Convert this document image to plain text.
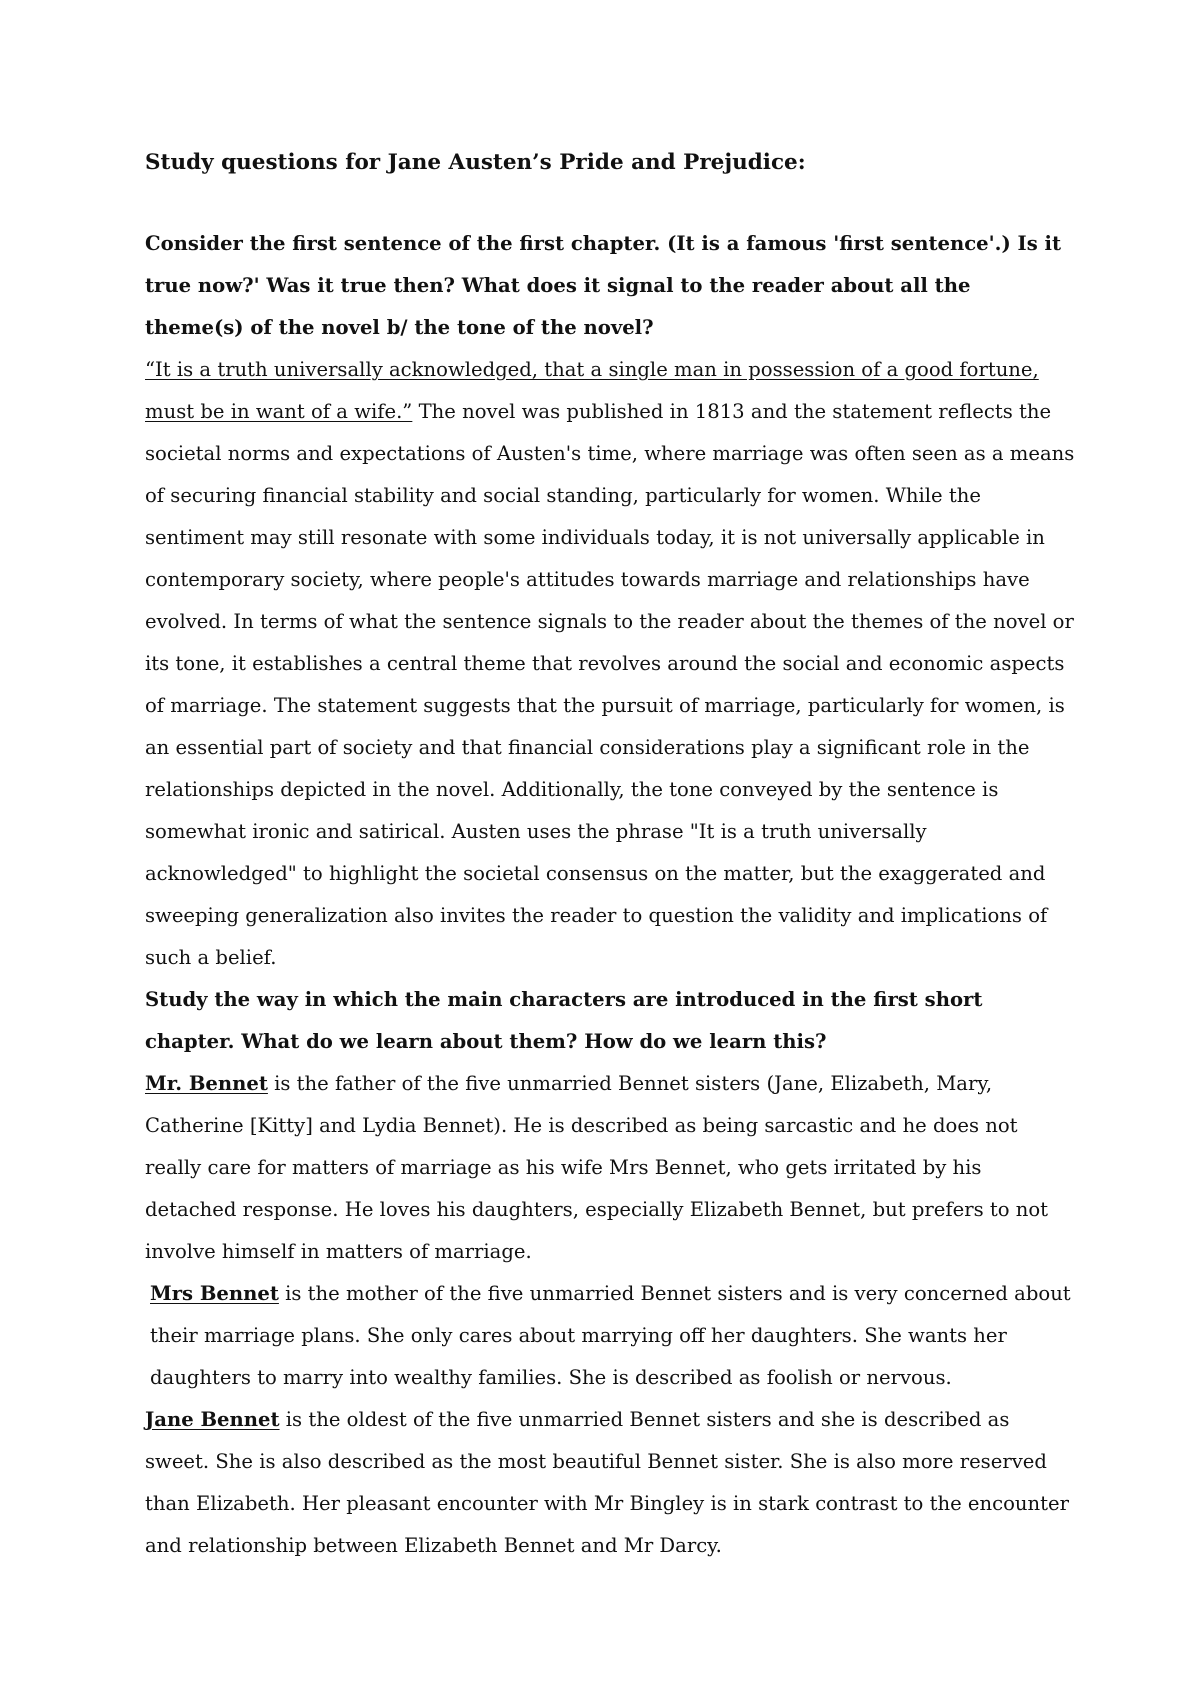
Study questions for Jane Austen’s Pride and Prejudice:

Consider the first sentence of the first chapter. (It is a famous 'first sentence'.) Is it true now?' Was it true then? What does it signal to the reader about all the theme(s) of the novel b/ the tone of the novel?

“It is a truth universally acknowledged, that a single man in possession of a good fortune, must be in want of a wife.” The novel was published in 1813 and the statement reflects the societal norms and expectations of Austen's time, where marriage was often seen as a means of securing financial stability and social standing, particularly for women. While the sentiment may still resonate with some individuals today, it is not universally applicable in contemporary society, where people's attitudes towards marriage and relationships have evolved. In terms of what the sentence signals to the reader about the themes of the novel or its tone, it establishes a central theme that revolves around the social and economic aspects of marriage. The statement suggests that the pursuit of marriage, particularly for women, is an essential part of society and that financial considerations play a significant role in the relationships depicted in the novel. Additionally, the tone conveyed by the sentence is somewhat ironic and satirical. Austen uses the phrase "It is a truth universally acknowledged" to highlight the societal consensus on the matter, but the exaggerated and sweeping generalization also invites the reader to question the validity and implications of such a belief.

Study the way in which the main characters are introduced in the first short chapter. What do we learn about them? How do we learn this?

Mr. Bennet is the father of the five unmarried Bennet sisters (Jane, Elizabeth, Mary, Catherine [Kitty] and Lydia Bennet). He is described as being sarcastic and he does not really care for matters of marriage as his wife Mrs Bennet, who gets irritated by his detached response. He loves his daughters, especially Elizabeth Bennet, but prefers to not involve himself in matters of marriage.

Mrs Bennet is the mother of the five unmarried Bennet sisters and is very concerned about their marriage plans. She only cares about marrying off her daughters. She wants her daughters to marry into wealthy families. She is described as foolish or nervous.

Jane Bennet is the oldest of the five unmarried Bennet sisters and she is described as sweet. She is also described as the most beautiful Bennet sister. She is also more reserved than Elizabeth. Her pleasant encounter with Mr Bingley is in stark contrast to the encounter and relationship between Elizabeth Bennet and Mr Darcy.
